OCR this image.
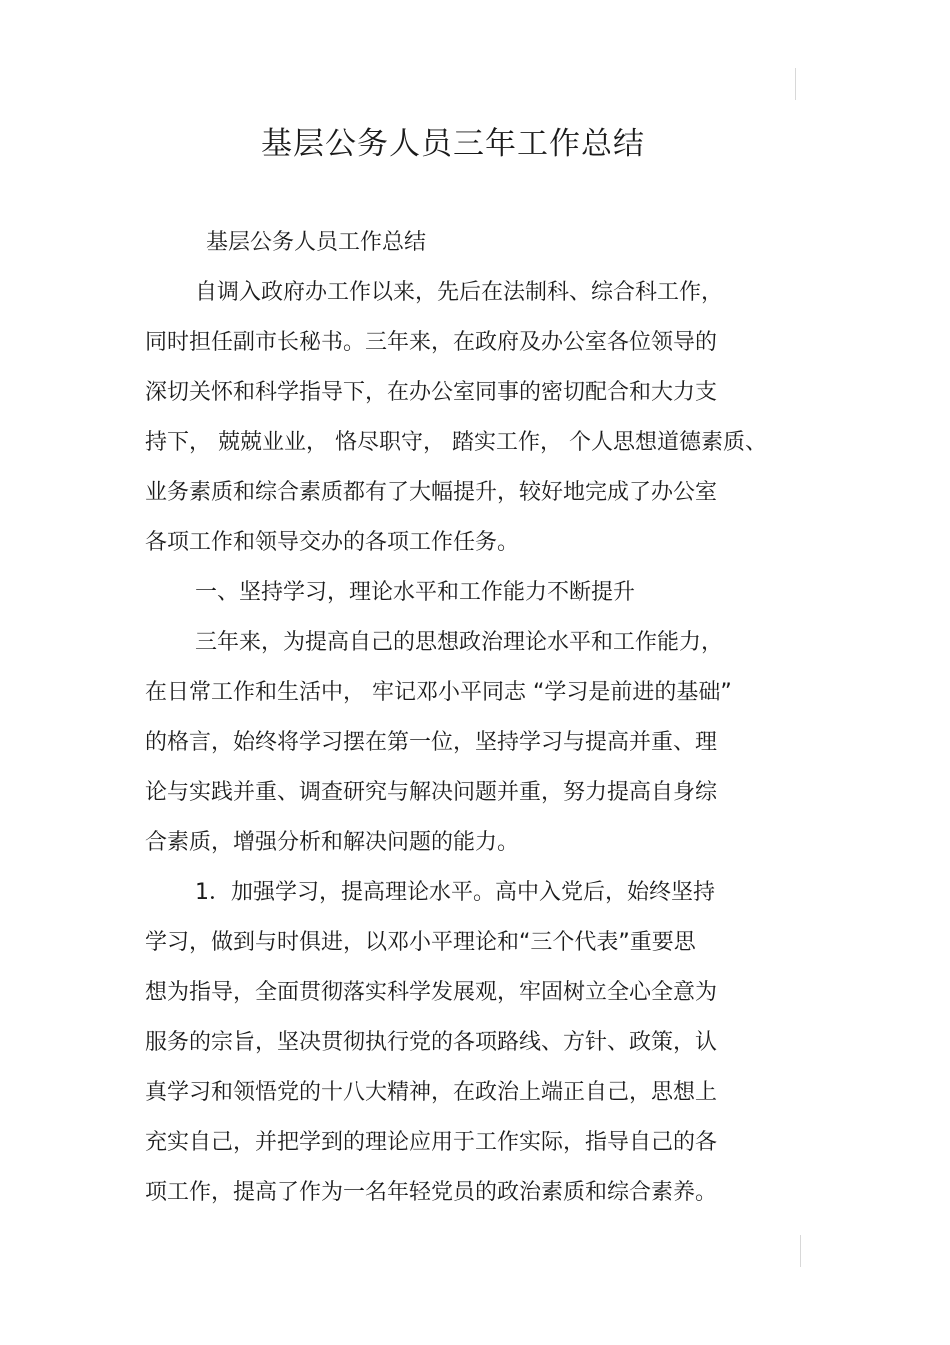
基层公务人员三年工作总结
基层公务人员工作总结
自调入政府办工作以来，先后在法制科、综合科工作，
同时担任副市长秘书。三年来，在政府及办公室各位领导的
深切关怀和科学指导下，在办公室同事的密切配合和大力支
持下， 兢兢业业， 恪尽职守， 踏实工作， 个人思想道德素质、
业务素质和综合素质都有了大幅提升，较好地完成了办公室
各项工作和领导交办的各项工作任务。
一、坚持学习，理论水平和工作能力不断提升
三年来，为提高自己的思想政治理论水平和工作能力，
在日常工作和生活中， 牢记邓小平同志 “学习是前进的基础”
的格言，始终将学习摆在第一位，坚持学习与提高并重、理
论与实践并重、调查研究与解决问题并重，努力提高自身综
合素质，增强分析和解决问题的能力。
1．加强学习，提高理论水平。高中入党后，始终坚持
学习，做到与时俱进，以邓小平理论和“三个代表”重要思
想为指导，全面贯彻落实科学发展观，牢固树立全心全意为
服务的宗旨，坚决贯彻执行党的各项路线、方针、政策，认
真学习和领悟党的十八大精神，在政治上端正自己，思想上
充实自己，并把学到的理论应用于工作实际，指导自己的各
项工作，提高了作为一名年轻党员的政治素质和综合素养。
